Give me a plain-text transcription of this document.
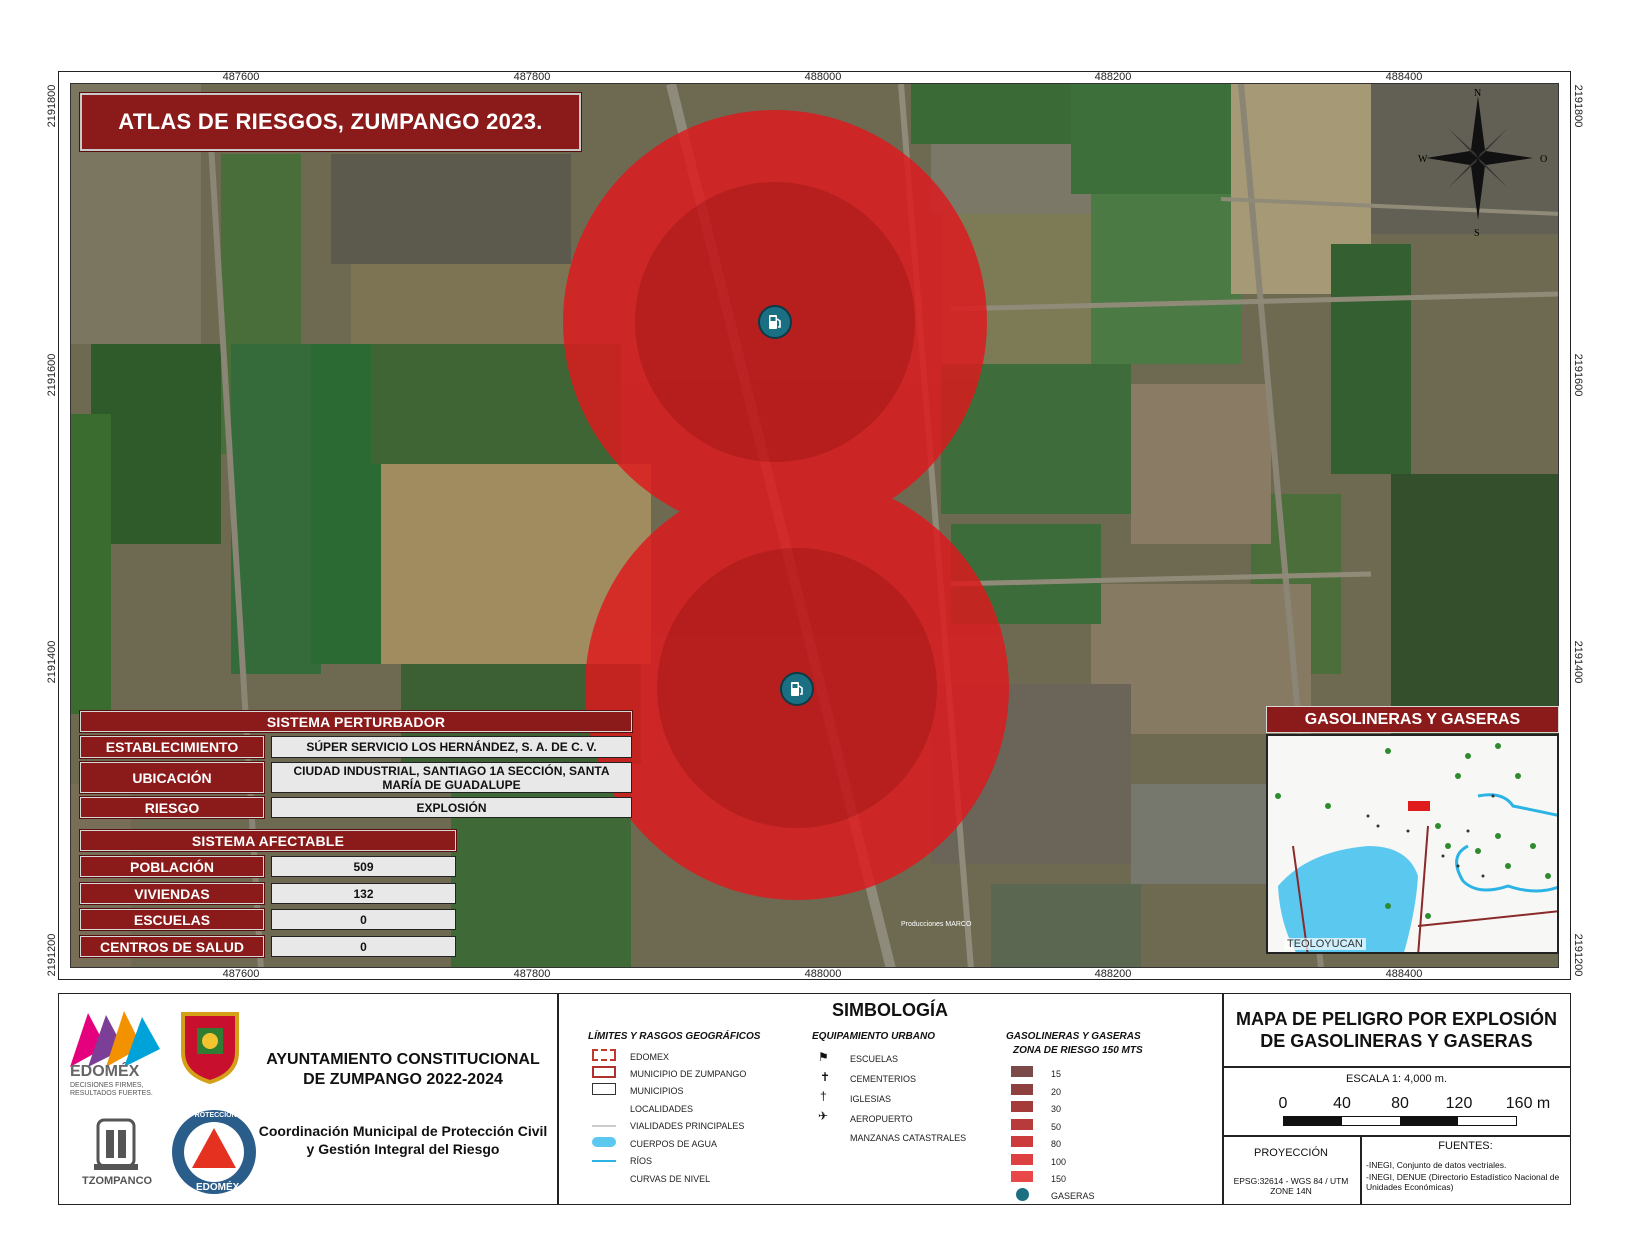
487600	487800	488000	488200	488400
487600	487800	488000	488200	488400
2191800
2191600
2191400
2191200
2191800
2191600
2191400
2191200
Producciones MARCO
ATLAS DE RIESGOS, ZUMPANGO 2023.
N
S
W	O
SISTEMA PERTURBADOR
ESTABLECIMIENTO	SÚPER SERVICIO LOS HERNÁNDEZ, S. A. DE C. V.
UBICACIÓN	CIUDAD INDUSTRIAL, SANTIAGO 1A SECCIÓN, SANTA MARÍA DE GUADALUPE
RIESGO	EXPLOSIÓN
SISTEMA AFECTABLE
POBLACIÓN	509
VIVIENDAS	132
ESCUELAS	0
CENTROS DE SALUD	0
GASOLINERAS Y GASERAS
TEOLOYUCAN
EDOMÉX
DECISIONES FIRMES, RESULTADOS FUERTES.
TZOMPANCO
PROTECCIÓN CIVIL
EDOMÉX
AYUNTAMIENTO CONSTITUCIONAL DE ZUMPANGO 2022-2024
Coordinación Municipal de Protección Civil y Gestión Integral del Riesgo
SIMBOLOGÍA
LÍMITES Y RASGOS GEOGRÁFICOS
EDOMEX
MUNICIPIO DE ZUMPANGO
MUNICIPIOS
LOCALIDADES
VIALIDADES PRINCIPALES
CUERPOS DE AGUA
RÍOS
CURVAS DE NIVEL
EQUIPAMIENTO URBANO
⚑ ESCUELAS
✝ CEMENTERIOS
†	IGLESIAS
✈ AEROPUERTO
MANZANAS CATASTRALES
GASOLINERAS Y GASERAS
ZONA DE RIESGO 150 MTS
15
20
30
50
80
100
150
GASERAS
MAPA DE PELIGRO POR EXPLOSIÓN DE GASOLINERAS Y GASERAS
ESCALA 1: 4,000 m.
0	40	80 120 160 m
PROYECCIÓN
EPSG:32614 - WGS 84 / UTM ZONE 14N
FUENTES:
-INEGI, Conjunto de datos vectriales.
-INEGI, DENUE (Directorio Estadístico Nacional de Unidades Económicas)
